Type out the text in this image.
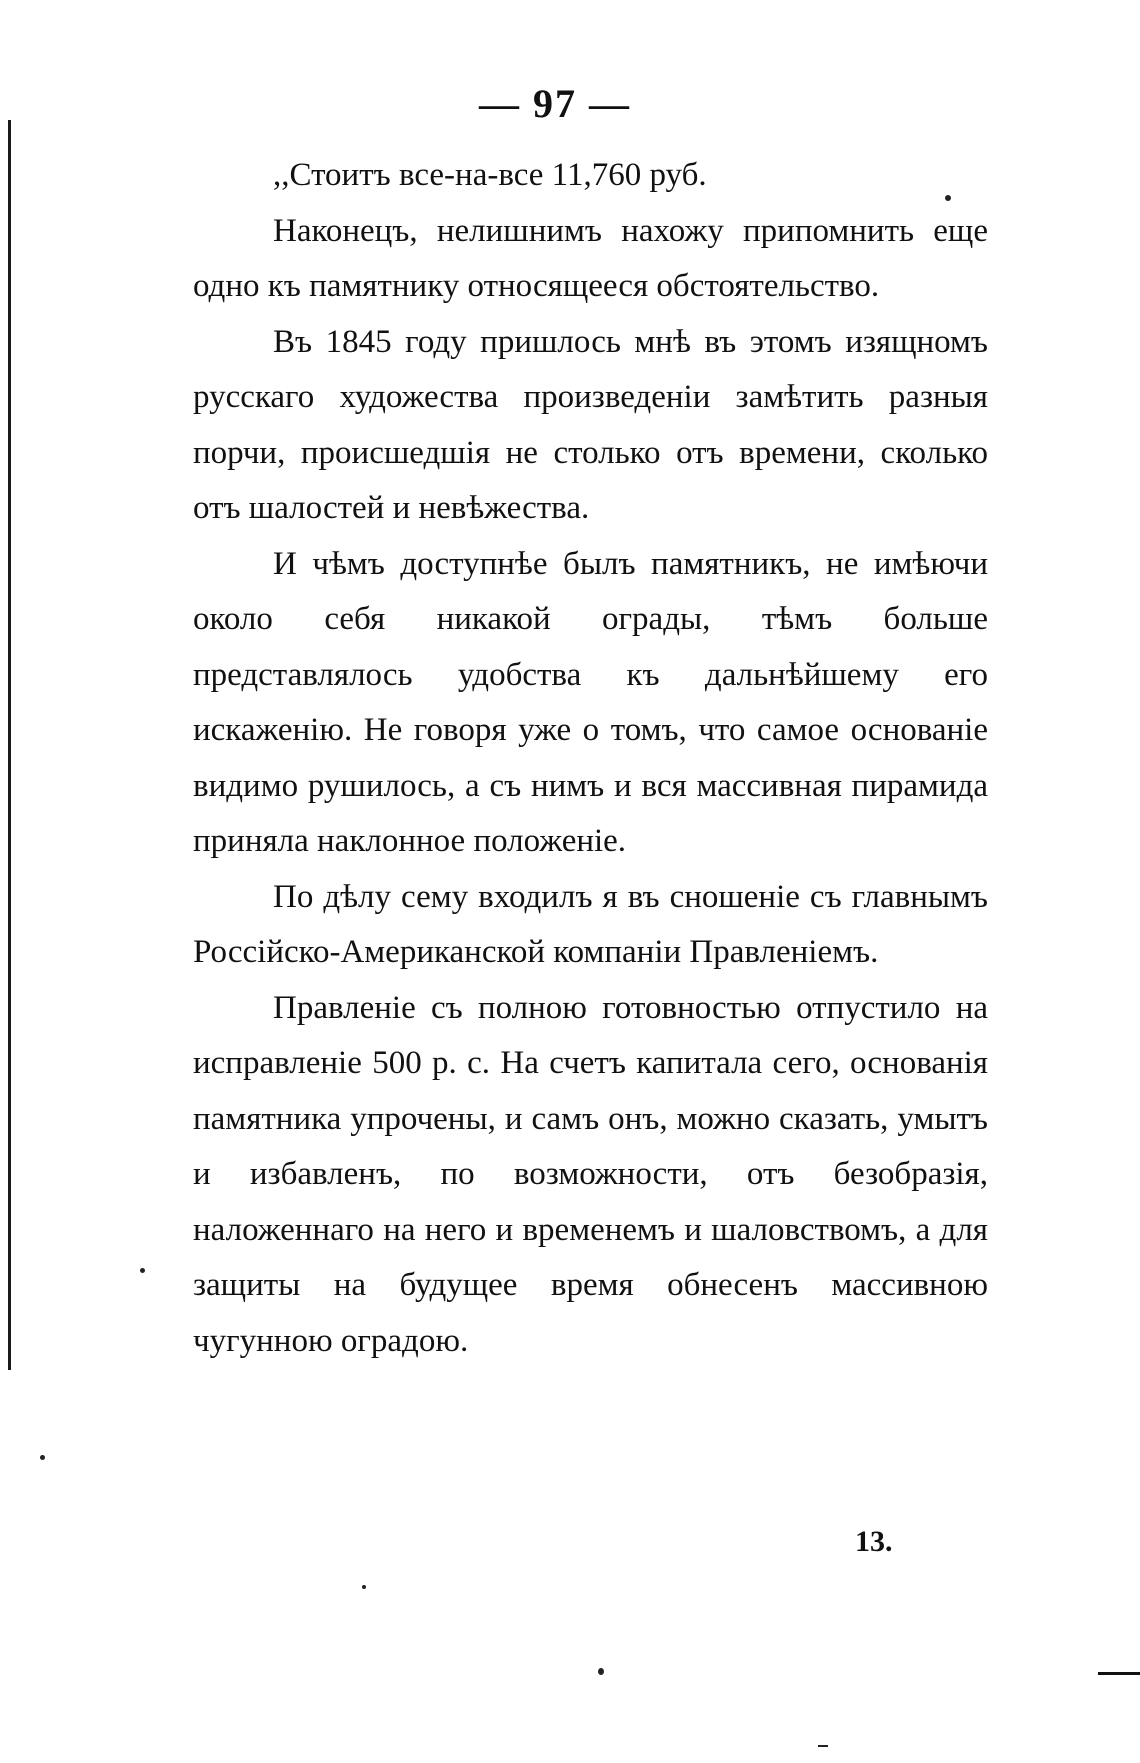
— 97 —

,,Стоитъ все-на-все 11,760 руб.

Наконецъ, нелишнимъ нахожу припомнить еще одно къ памятнику относящееся обстоятельство.

Въ 1845 году пришлось мнѣ въ этомъ изящномъ русскаго художества произведенiи замѣтить разныя порчи, происшедшiя не столько отъ времени, сколько отъ шалостей и невѣжества.

И чѣмъ доступнѣе былъ памятникъ, не имѣючи около себя никакой ограды, тѣмъ больше представлялось удобства къ дальнѣйшему его искаженiю. Не говоря уже о томъ, что самое основанiе видимо рушилось, а съ нимъ и вся массивная пирамида приняла наклонное положенiе.

По дѣлу сему входилъ я въ сношенiе съ главнымъ Россiйско-Американской компанiи Правленiемъ.

Правленiе съ полною готовностью отпустило на исправленiе 500 р. с. На счетъ капитала сего, основанiя памятника упрочены, и самъ онъ, можно сказать, умытъ и избавленъ, по возможности, отъ безобразiя, наложеннаго на него и временемъ и шаловствомъ, а для защиты на будущее время обнесенъ массивною чугунною оградою.

13.
